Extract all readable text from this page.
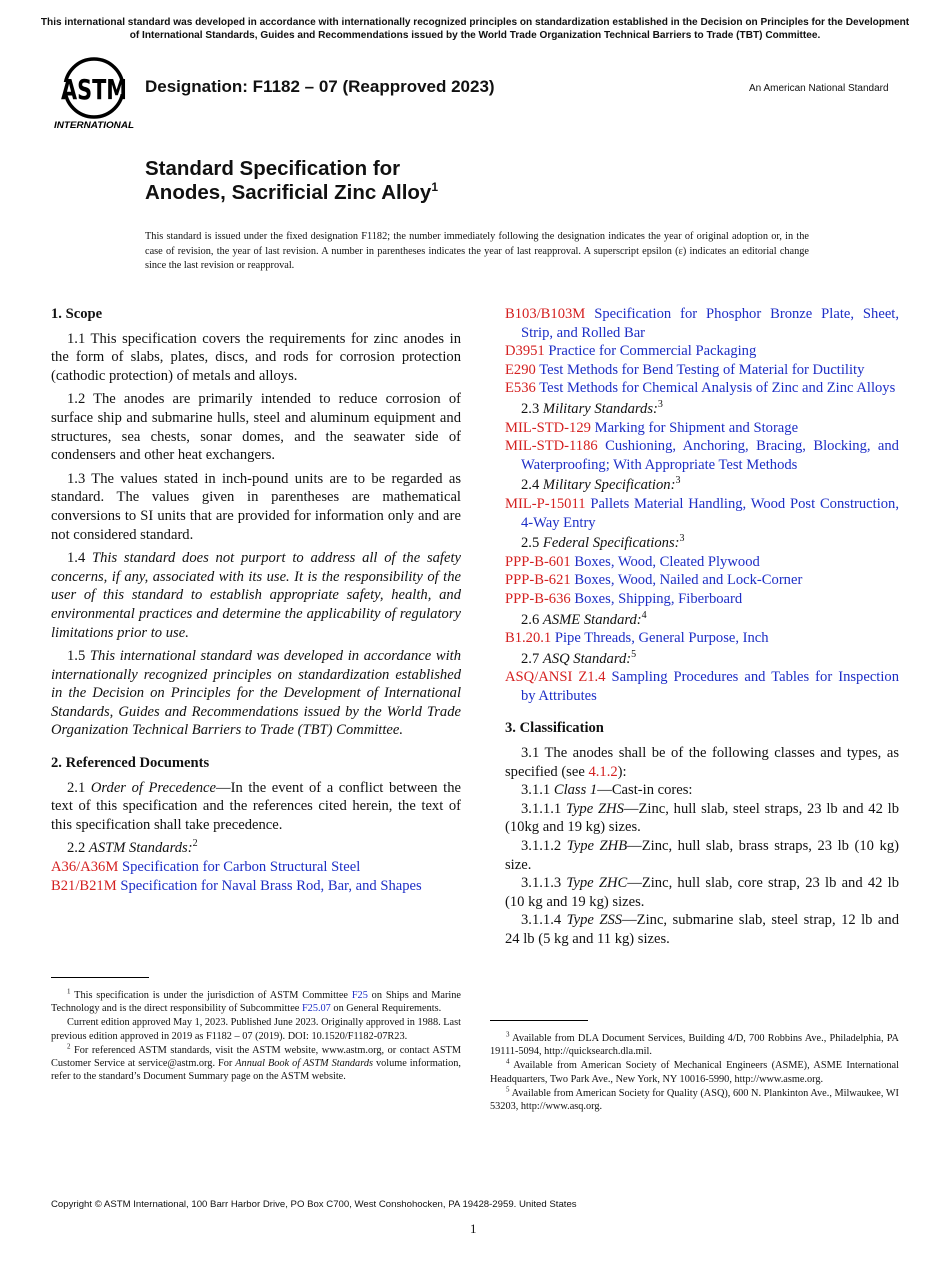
This international standard was developed in accordance with internationally recognized principles on standardization established in the Decision on Principles for the Development of International Standards, Guides and Recommendations issued by the World Trade Organization Technical Barriers to Trade (TBT) Committee.
ASTM
INTERNATIONAL
Designation: F1182 – 07 (Reapproved 2023)	An American National Standard
Standard Specification for
Anodes, Sacrificial Zinc Alloy$^1$
This standard is issued under the fixed designation F1182; the number immediately following the designation indicates the year of original adoption or, in the case of revision, the year of last revision. A number in parentheses indicates the year of last reapproval. A superscript epsilon (ε) indicates an editorial change since the last revision or reapproval.
1. Scope
1.1 This specification covers the requirements for zinc anodes in the form of slabs, plates, discs, and rods for corrosion protection (cathodic protection) of metals and alloys.
1.2 The anodes are primarily intended to reduce corrosion of surface ship and submarine hulls, steel and aluminum equipment and structures, sea chests, sonar domes, and the seawater side of condensers and other heat exchangers.
1.3 The values stated in inch-pound units are to be regarded as standard. The values given in parentheses are mathematical conversions to SI units that are provided for information only and are not considered standard.
1.4 This standard does not purport to address all of the safety concerns, if any, associated with its use. It is the responsibility of the user of this standard to establish appropriate safety, health, and environmental practices and determine the applicability of regulatory limitations prior to use.
1.5 This international standard was developed in accordance with internationally recognized principles on standardization established in the Decision on Principles for the Development of International Standards, Guides and Recommendations issued by the World Trade Organization Technical Barriers to Trade (TBT) Committee.
2. Referenced Documents
2.1 Order of Precedence—In the event of a conflict between the text of this specification and the references cited herein, the text of this specification shall take precedence.
2.2 ASTM Standards:$^2$
A36/A36M Specification for Carbon Structural Steel
B21/B21M Specification for Naval Brass Rod, Bar, and Shapes
B103/B103M Specification for Phosphor Bronze Plate, Sheet, Strip, and Rolled Bar
D3951 Practice for Commercial Packaging
E290 Test Methods for Bend Testing of Material for Ductility
E536 Test Methods for Chemical Analysis of Zinc and Zinc Alloys
2.3 Military Standards:$^3$
MIL-STD-129 Marking for Shipment and Storage
MIL-STD-1186 Cushioning, Anchoring, Bracing, Blocking, and Waterproofing; With Appropriate Test Methods
2.4 Military Specification:$^3$
MIL-P-15011 Pallets Material Handling, Wood Post Construction, 4-Way Entry
2.5 Federal Specifications:$^3$
PPP-B-601 Boxes, Wood, Cleated Plywood
PPP-B-621 Boxes, Wood, Nailed and Lock-Corner
PPP-B-636 Boxes, Shipping, Fiberboard
2.6 ASME Standard:$^4$
B1.20.1 Pipe Threads, General Purpose, Inch
2.7 ASQ Standard:$^5$
ASQ/ANSI Z1.4 Sampling Procedures and Tables for Inspection by Attributes
3. Classification
3.1 The anodes shall be of the following classes and types, as specified (see 4.1.2):
3.1.1 Class 1—Cast-in cores:
3.1.1.1 Type ZHS—Zinc, hull slab, steel straps, 23 lb and 42 lb (10kg and 19 kg) sizes.
3.1.1.2 Type ZHB—Zinc, hull slab, brass straps, 23 lb (10 kg) size.
3.1.1.3 Type ZHC—Zinc, hull slab, core strap, 23 lb and 42 lb (10 kg and 19 kg) sizes.
3.1.1.4 Type ZSS—Zinc, submarine slab, steel strap, 12 lb and 24 lb (5 kg and 11 kg) sizes.

$^1$ This specification is under the jurisdiction of ASTM Committee F25 on Ships and Marine Technology and is the direct responsibility of Subcommittee F25.07 on General Requirements.

Current edition approved May 1, 2023. Published June 2023. Originally approved in 1988. Last previous edition approved in 2019 as F1182 – 07 (2019). DOI: 10.1520/F1182-07R23.

$^2$ For referenced ASTM standards, visit the ASTM website, www.astm.org, or contact ASTM Customer Service at service@astm.org. For Annual Book of ASTM Standards volume information, refer to the standard’s Document Summary page on the ASTM website.

$^3$ Available from DLA Document Services, Building 4/D, 700 Robbins Ave., Philadelphia, PA 19111-5094, http://quicksearch.dla.mil.

$^4$ Available from American Society of Mechanical Engineers (ASME), ASME International Headquarters, Two Park Ave., New York, NY 10016-5990, http://www.asme.org.

$^5$ Available from American Society for Quality (ASQ), 600 N. Plankinton Ave., Milwaukee, WI 53203, http://www.asq.org.

Copyright © ASTM International, 100 Barr Harbor Drive, PO Box C700, West Conshohocken, PA 19428-2959. United States
1
